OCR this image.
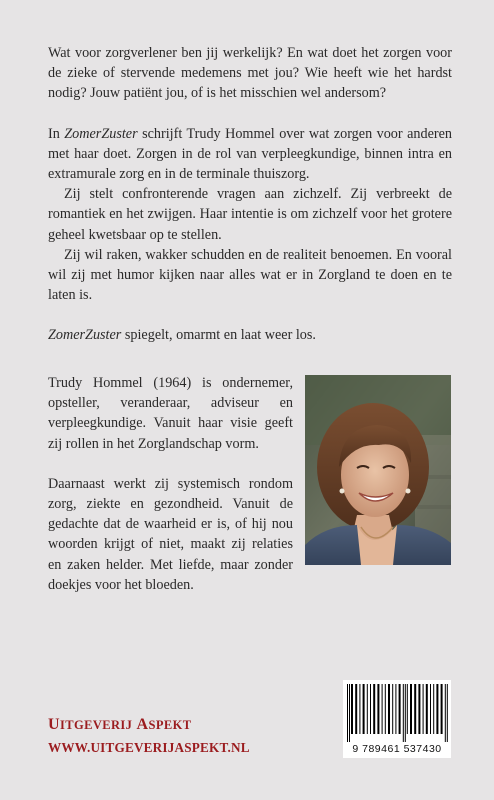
Wat voor zorgverlener ben jij werkelijk? En wat doet het zorgen voor de zieke of stervende medemens met jou? Wie heeft wie het hardst nodig? Jouw patiënt jou, of is het misschien wel andersom?

In ZomerZuster schrijft Trudy Hommel over wat zorgen voor anderen met haar doet. Zorgen in de rol van verpleegkundige, binnen intra en extramurale zorg en in de terminale thuiszorg.

Zij stelt confronterende vragen aan zichzelf. Zij verbreekt de romantiek en het zwijgen. Haar intentie is om zichzelf voor het grotere geheel kwetsbaar op te stellen.

Zij wil raken, wakker schudden en de realiteit benoemen. En vooral wil zij met humor kijken naar alles wat er in Zorgland te doen en te laten is.

ZomerZuster spiegelt, omarmt en laat weer los.

Trudy Hommel (1964) is ondernemer, opsteller, veranderaar, adviseur en verpleegkundige. Vanuit haar visie geeft zij rollen in het Zorglandschap vorm.

Daarnaast werkt zij systemisch rondom zorg, ziekte en gezondheid. Vanuit de gedachte dat de waarheid er is, of hij nou woorden krijgt of niet, maakt zij relaties en zaken helder. Met liefde, maar zonder doekjes voor het bloeden.

UITGEVERIJ ASPEKT
WWW.UITGEVERIJASPEKT.NL	9 789461 537430
